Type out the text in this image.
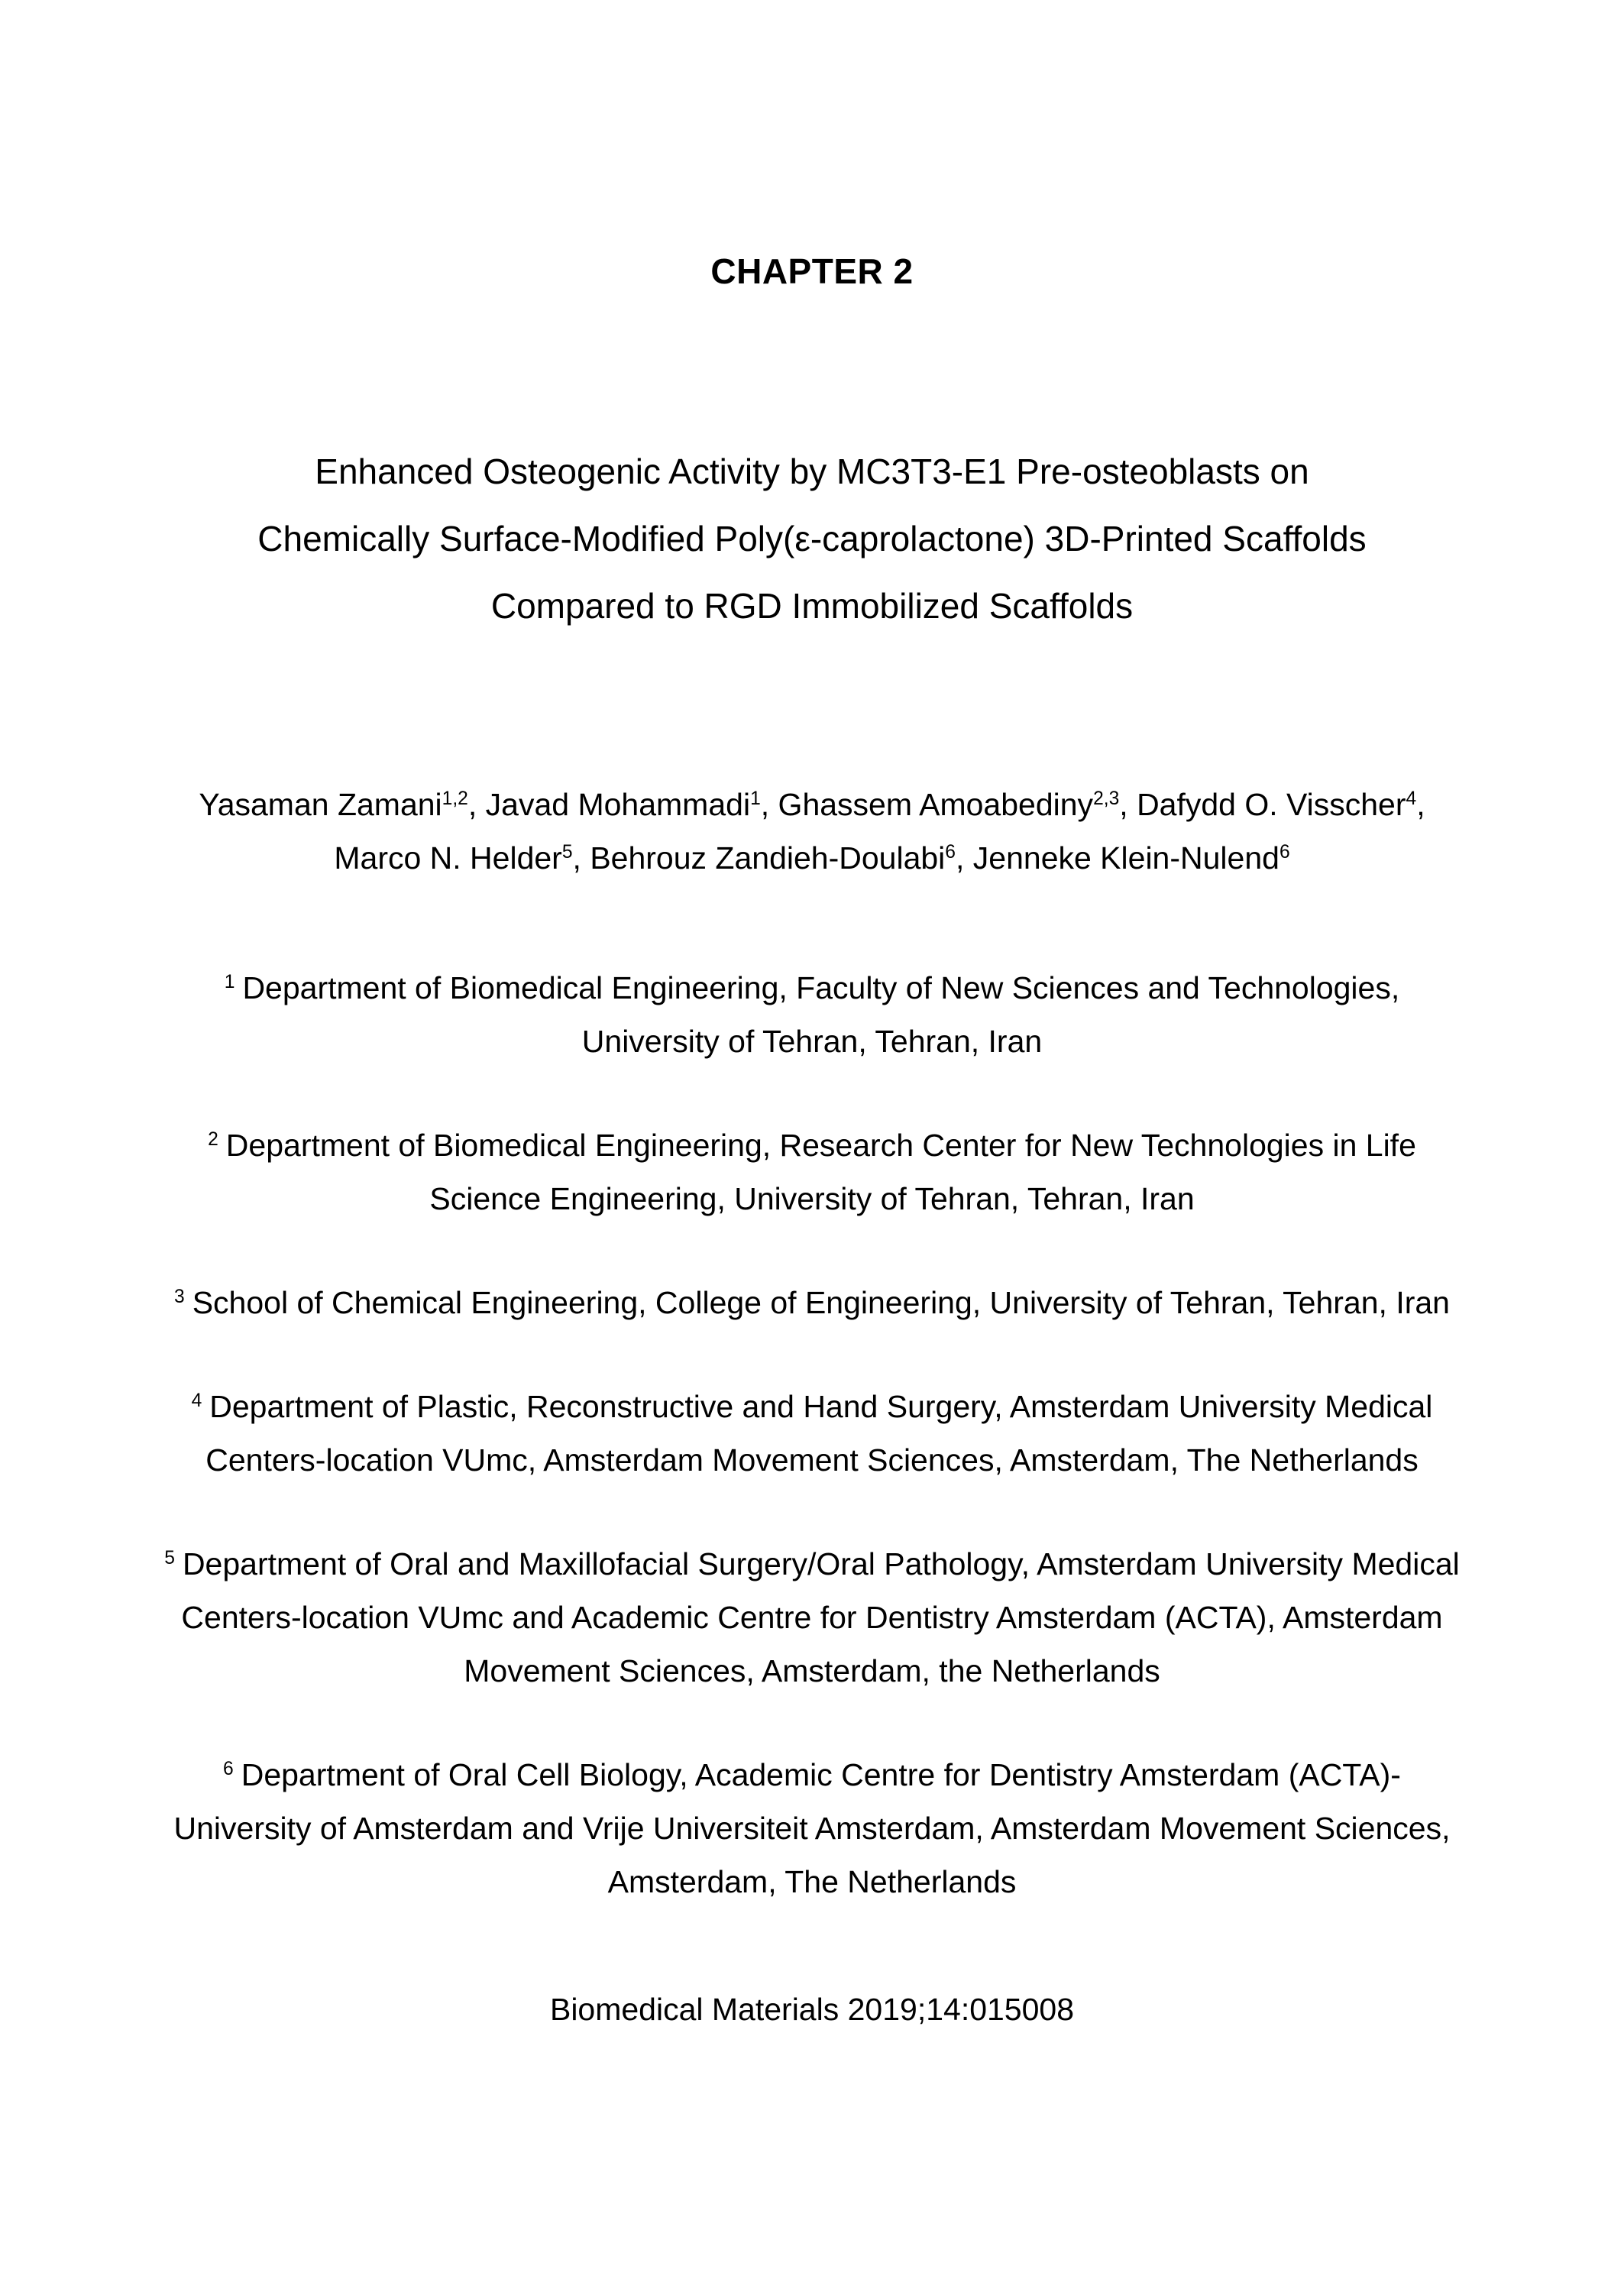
CHAPTER 2
Enhanced Osteogenic Activity by MC3T3-E1 Pre-osteoblasts on
Chemically Surface-Modified Poly(ε-caprolactone) 3D-Printed Scaffolds
Compared to RGD Immobilized Scaffolds
Yasaman Zamani$^{1,2}$, Javad Mohammadi$^1$, Ghassem Amoabediny$^{2,3}$, Dafydd O. Visscher$^4$, Marco N. Helder$^5$, Behrouz Zandieh-Doulabi$^6$, Jenneke Klein-Nulend$^6$
$^1$ Department of Biomedical Engineering, Faculty of New Sciences and Technologies, University of Tehran, Tehran, Iran
$^2$ Department of Biomedical Engineering, Research Center for New Technologies in Life Science Engineering, University of Tehran, Tehran, Iran
$^3$ School of Chemical Engineering, College of Engineering, University of Tehran, Tehran, Iran
$^4$ Department of Plastic, Reconstructive and Hand Surgery, Amsterdam University Medical Centers-location VUmc, Amsterdam Movement Sciences, Amsterdam, The Netherlands
$^5$ Department of Oral and Maxillofacial Surgery/Oral Pathology, Amsterdam University Medical Centers-location VUmc and Academic Centre for Dentistry Amsterdam (ACTA), Amsterdam Movement Sciences, Amsterdam, the Netherlands
$^6$ Department of Oral Cell Biology, Academic Centre for Dentistry Amsterdam (ACTA)-University of Amsterdam and Vrije Universiteit Amsterdam, Amsterdam Movement Sciences, Amsterdam, The Netherlands
Biomedical Materials 2019;14:015008
